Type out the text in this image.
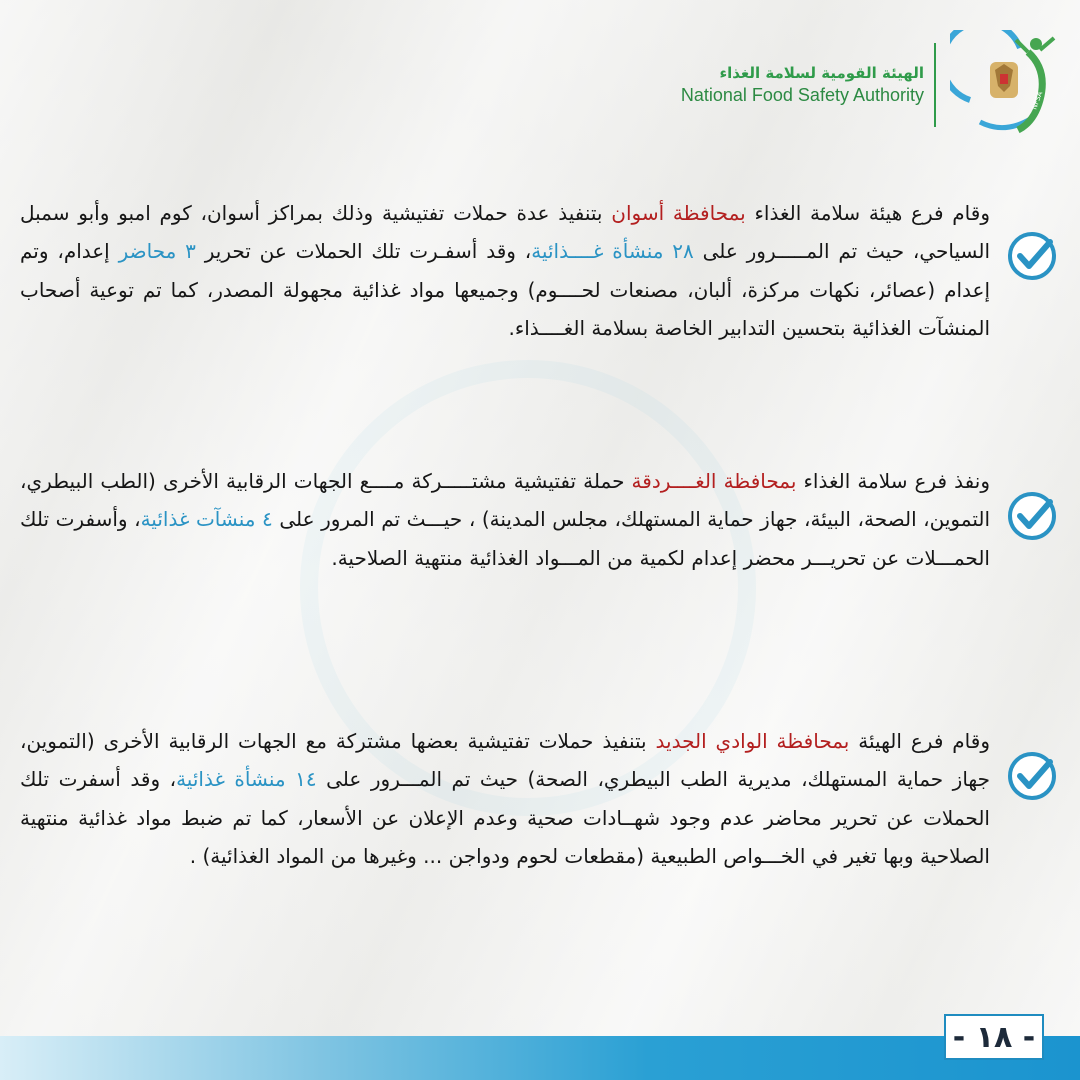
الهيئة القومية لسلامة الغذاء
National Food Safety Authority	NFSA
وقام فرع هيئة سلامة الغذاء بمحافظة أسوان بتنفيذ عدة حملات تفتيشية وذلك بمراكز أسوان، كوم امبو وأبو سمبل السياحي، حيث تم المـــــرور على ٢٨ منشأة غــــذائية، وقد أسفـرت تلك الحملات عن تحرير ٣ محاضر إعدام، وتم إعدام (عصائر، نكهات مركزة، ألبان، مصنعات لحــــوم) وجميعها مواد غذائية مجهولة المصدر، كما تم توعية أصحاب المنشآت الغذائية بتحسين التدابير الخاصة بسلامة الغــــذاء.
ونفذ فرع سلامة الغذاء بمحافظة الغــــردقة حملة تفتيشية مشتـــــركة مــــع الجهات الرقابية الأخرى (الطب البيطري، التموين، الصحة، البيئة، جهاز حماية المستهلك، مجلس المدينة) ، حيـــث تم المرور على ٤ منشآت غذائية، وأسفرت تلك الحمـــلات عن تحريـــر محضر إعدام لكمية من المـــواد الغذائية منتهية الصلاحية.
وقام فرع الهيئة بمحافظة الوادي الجديد بتنفيذ حملات تفتيشية بعضها مشتركة مع الجهات الرقابية الأخرى (التموين، جهاز حماية المستهلك، مديرية الطب البيطري، الصحة) حيث تم المـــرور على ١٤ منشأة غذائية، وقد أسفرت تلك الحملات عن تحرير محاضر عدم وجود شهــادات صحية وعدم الإعلان عن الأسعار، كما تم ضبط مواد غذائية منتهية الصلاحية وبها تغير في الخـــواص الطبيعية (مقطعات لحوم ودواجن ... وغيرها من المواد الغذائية) .
- ١٨ -
